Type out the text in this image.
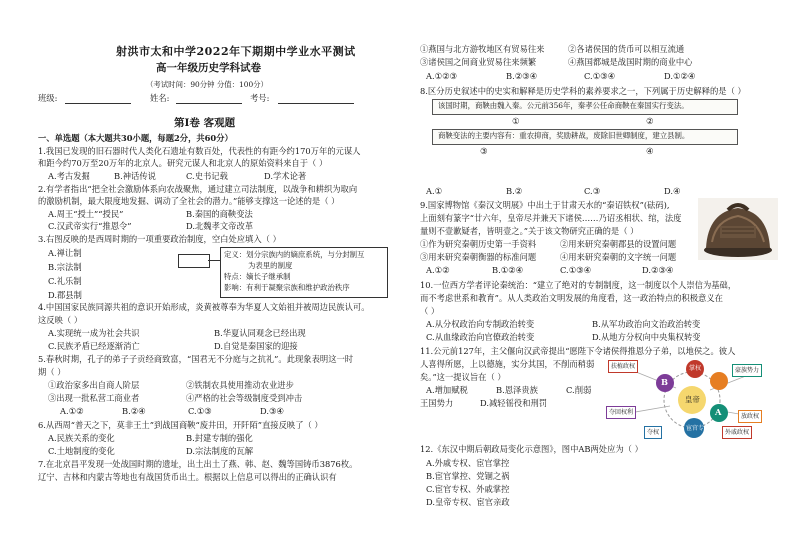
射洪市太和中学2022年下期期中学业水平测试
高一年级历史学科试卷
（考试时间：90分钟 分值：100分）
班级:	姓名:	考号:
第Ⅰ卷 客观题
一、单选题（本大题共30小题，每题2分，共60分）
1.我国已发现的旧石器时代人类化石遗址有数百处，代表性的有距今约170万年的元谋人
和距今约70万至20万年的北京人。研究元谋人和北京人的原始资料来自于（ ）
A.考古发掘	B.神话传说	C.史书记载	D.学术论著
2.有学者指出“把全社会激励体系向农战聚焦，通过建立司法制度，以战争和耕织为取向
的激励机制，最大限度地发掘、调动了全社会的潜力。”能够支撑这一论述的是（ ）
A.周王“授土”“授民”	B.秦国的商鞅变法
C.汉武帝实行“推恩令”	D.北魏孝文帝改革
3.右图反映的是西周时期的一项重要政治制度，空白处应填入（ ）
A.禅让制
B.宗法制
C.礼乐制
D.郡县制
定义：划分宗族内的嫡庶系统，与分封制互
为表里的制度
特点：嫡长子继承制
影响：有利于凝聚宗族和维护政治秩序
4.中国国家民族同源共祖的意识开始形成，炎黄被尊奉为华夏人文始祖并被周边民族认可。
这反映（ ）
A.实现统一成为社会共识	B.华夏认同观念已经出现
C.民族矛盾已经逐渐消亡	D.自觉是秦国家的迎接
5.春秋时期，孔子的弟子子贡经商致富，“国君无不分庭与之抗礼”。此现象表明这一时
期（ ）
①政治家多出自商人阶层	②铁制农具使用推动农业进步
③出现一批私营工商业者	④严格的社会等级制度受到冲击
A.①②	B.②④	C.①③	D.③④
6.从西周“普天之下，莫非王土”到战国商鞅“废井田，开阡陌”直接反映了（ ）
A.民族关系的变化	B.封建专制的强化
C.土地制度的变化	D.宗法制度的瓦解
7.在北京昌平发现一处战国时期的遗址，出土出土了燕、韩、赵、魏等国铸币3876枚。
辽宁、吉林和内蒙古等地也有战国货币出土。根据以上信息可以得出的正确认识有
①燕国与北方游牧地区有贸易往来	②各诸侯国的货币可以相互流通
③诸侯国之间商业贸易往来频繁	④燕国都城是战国时期的商业中心
A.①②③	B.②③④	C.①③④	D.①②④
8.区分历史叙述中的史实和解释是历史学科的素养要求之一，下列属于历史解释的是（ ）
该国时期，商鞅由魏入秦。公元前356年，秦孝公任命商鞅在秦国实行变法。
①	②
商鞅变法的主要内容有：重农抑商，奖励耕战，废除旧世卿制度，建立县制。
③	④
A.①	B.②	C.③	D.④
9.国家博物馆《秦汉文明展》中出土于甘肃天水的“秦诏铁权”(砝码),
上面刻有篆字“廿六年，皇帝尽并兼天下诸侯……乃诏丞相状、绾，法度
量则不壹歉疑者，皆明壹之。”关于该文物研究正确的是（ ）
①作为研究秦朝历史第一手资料	②用来研究秦朝郡县的设置问题
③用来研究秦朝衡器的标准问题	④用来研究秦朝的文字统一问题
A.①②	B.①②④	C.①③④	D.②③④
10.一位西方学者评论秦统治：“建立了绝对的专制制度，这一制度以个人崇信为基础，
而不考虑世系和教育”。从人类政治文明发展的角度看，这一政治特点的积极意义在
（ ）
A.从分权政治向专制政治转变	B.从军功政治向文治政治转变
C.从血缘政治向官僚政治转变	D.从地方分权向中央集权转变
11.公元前127年，主父偃向汉武帝提出“愿陛下令诸侯得推恩分子弟，以地侯之。彼人
人喜得所愿，上以德施，实分其国，不削而稍弱
矣。”这一提议旨在（ ）
A.增加赋税	B.恩泽贵族	C.削弱
王国势力	D.减轻徭役和刑罚
12.《东汉中期后朝政局变化示意图》，图中AB两处应为（ ）
A.外戚专权、宦官掌控
B.宦官掌控、党锢之祸
C.宦官专权、外戚掌控
D.皇帝专权、宦官亲政
皇帝
掌权
B
A
宦官专权
扶植政权
豪族势力
夺回权利
放政权
夺权	外戚政权
